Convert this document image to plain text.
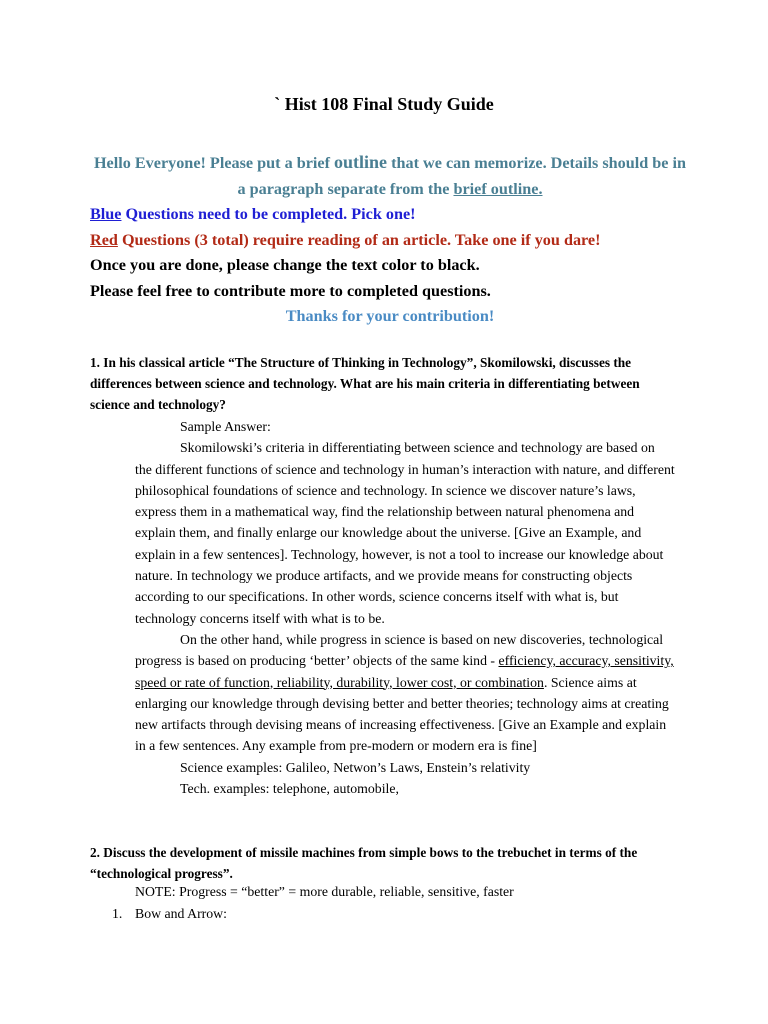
` Hist 108 Final Study Guide

Hello Everyone! Please put a brief outline that we can memorize. Details should be in a paragraph separate from the brief outline.

Blue Questions need to be completed. Pick one!

Red Questions (3 total) require reading of an article. Take one if you dare!

Once you are done, please change the text color to black.

Please feel free to contribute more to completed questions.

Thanks for your contribution!

1. In his classical article “The Structure of Thinking in Technology”, Skomilowski, discusses the differences between science and technology. What are his main criteria in differentiating between science and technology?

Sample Answer:

Skomilowski’s criteria in differentiating between science and technology are based on the different functions of science and technology in human’s interaction with nature, and different philosophical foundations of science and technology. In science we discover nature’s laws, express them in a mathematical way, find the relationship between natural phenomena and explain them, and finally enlarge our knowledge about the universe. [Give an Example, and explain in a few sentences]. Technology, however, is not a tool to increase our knowledge about nature. In technology we produce artifacts, and we provide means for constructing objects according to our specifications. In other words, science concerns itself with what is, but technology concerns itself with what is to be.

On the other hand, while progress in science is based on new discoveries, technological progress is based on producing ‘better’ objects of the same kind - efficiency, accuracy, sensitivity, speed or rate of function, reliability, durability, lower cost, or combination. Science aims at enlarging our knowledge through devising better and better theories; technology aims at creating new artifacts through devising means of increasing effectiveness. [Give an Example and explain in a few sentences. Any example from pre-modern or modern era is fine]

Science examples: Galileo, Netwon’s Laws, Enstein’s relativity

Tech. examples: telephone, automobile,

2. Discuss the development of missile machines from simple bows to the trebuchet in terms of the “technological progress”.
NOTE: Progress = “better” = more durable, reliable, sensitive, faster
1. Bow and Arrow:
